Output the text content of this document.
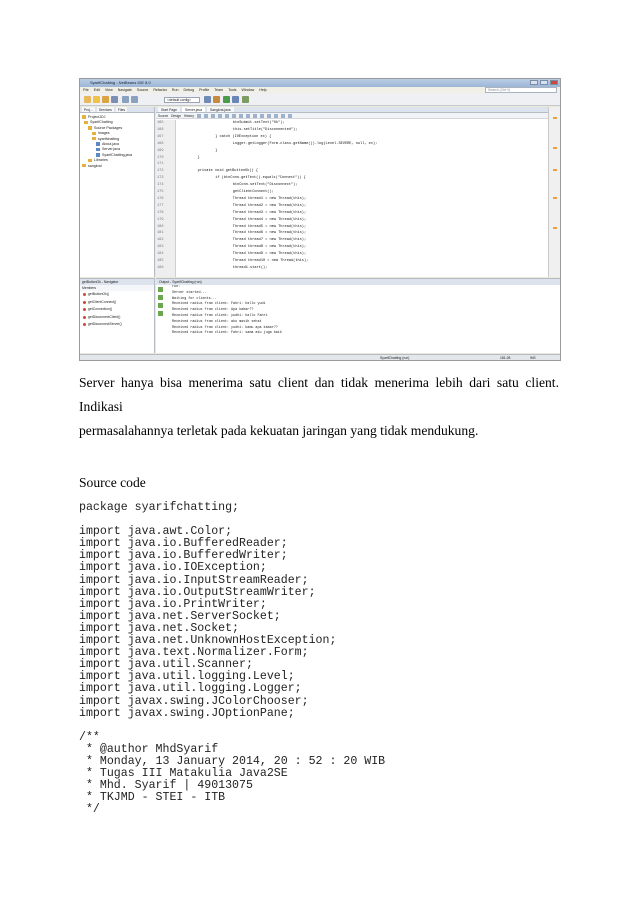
SyarifChatting - NetBeans IDE 8.0
File Edit View Navigate Source Refactor Run Debug Profile Team Tools Window Help	Search (Ctrl+I)
<default config>
Proj...	Services	Files
ProjectJDJ
SyarifChatting
Source Packages
images
syarifchatting
About.java
Server.java
SyarifChatting.java
Libraries
sangkrai
getButtonOk - Navigator
Members
getButtonOk()
getClientConnect()
getConnection()
getDisconnectClient()
getDisconnectServer()
Start Page	Server.java	Sangkrai.java
Source Design History
165	btnSubmit.setText("Ok");
166	this.setTitle("Disconnected");
167	} catch (IOException ex) {
168	Logger.getLogger(Form.class.getName()).log(Level.SEVERE, null, ex);
169	}
170	}
171
172	private void getButtonOk() {
173	if (btnConn.getText().equals("Connect")) {
174	btnConn.setText("Disconnect");
175	getClientConnect();
176	Thread thread1 = new Thread(this);
177	Thread thread2 = new Thread(this);
178	Thread thread3 = new Thread(this);
179	Thread thread4 = new Thread(this);
180	Thread thread5 = new Thread(this);
181	Thread thread6 = new Thread(this);
182	Thread thread7 = new Thread(this);
183	Thread thread8 = new Thread(this);
184	Thread thread9 = new Thread(this);
185	Thread thread10 = new Thread(this);
186	thread1.start();
Output - SyarifChatting (run)
run:
Server started...
Waiting for clients...
Received radius from client: Fahri: hallo yudi
Received radius from client: Apa kabar??
Received radius from client: yudhi: hallo Fahri
Received radius from client: aku masih sehat
Received radius from client: yudhi: kamu apa kabar??
Received radius from client: Fahri: sama aku juga baik
SyarifChatting (run)	181:28	INS
Server hanya bisa menerima satu client dan tidak menerima lebih dari satu client. Indikasi
permasalahannya terletak pada kekuatan jaringan yang tidak mendukung.
Source code
package syarifchatting;
import java.awt.Color;
import java.io.BufferedReader;
import java.io.BufferedWriter;
import java.io.IOException;
import java.io.InputStreamReader;
import java.io.OutputStreamWriter;
import java.io.PrintWriter;
import java.net.ServerSocket;
import java.net.Socket;
import java.net.UnknownHostException;
import java.text.Normalizer.Form;
import java.util.Scanner;
import java.util.logging.Level;
import java.util.logging.Logger;
import javax.swing.JColorChooser;
import javax.swing.JOptionPane;
/**
* @author MhdSyarif
* Monday, 13 January 2014, 20 : 52 : 20 WIB
* Tugas III Matakulia Java2SE
* Mhd. Syarif | 49013075
* TKJMD - STEI - ITB
*/
